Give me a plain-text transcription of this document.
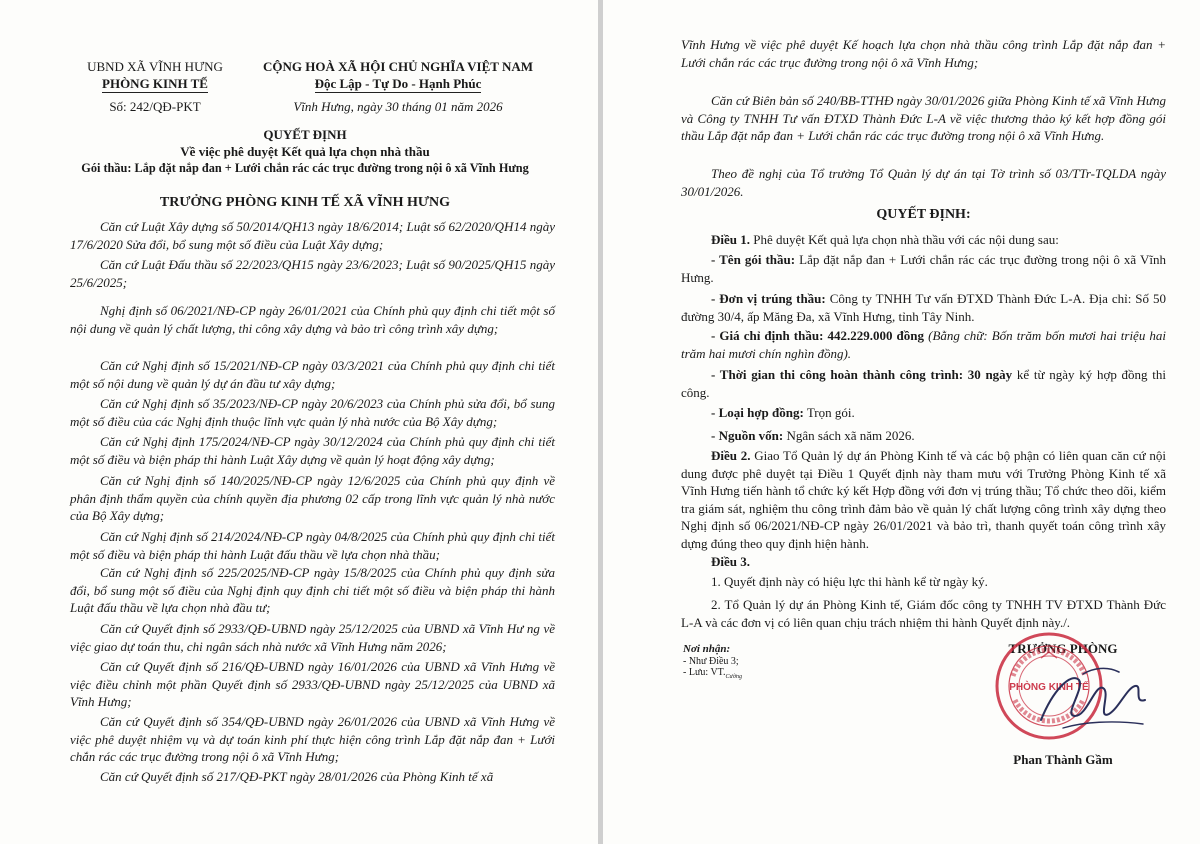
UBND XÃ VĨNH HƯNG
PHÒNG KINH TẾ
Số: 242/QĐ-PKT
CỘNG HOÀ XÃ HỘI CHỦ NGHĨA VIỆT NAM
Độc Lập - Tự Do - Hạnh Phúc
Vĩnh Hưng, ngày 30 tháng 01 năm 2026
QUYẾT ĐỊNH
Về việc phê duyệt Kết quả lựa chọn nhà thầu
Gói thầu: Lắp đặt nắp đan + Lưới chắn rác các trục đường trong nội ô xã Vĩnh Hưng
TRƯỞNG PHÒNG KINH TẾ XÃ VĨNH HƯNG
Căn cứ Luật Xây dựng số 50/2014/QH13 ngày 18/6/2014; Luật số 62/2020/QH14 ngày 17/6/2020 Sửa đổi, bổ sung một số điều của Luật Xây dựng;
Căn cứ Luật Đấu thầu số 22/2023/QH15 ngày 23/6/2023; Luật số 90/2025/QH15 ngày 25/6/2025;
Nghị định số 06/2021/NĐ-CP ngày 26/01/2021 của Chính phủ quy định chi tiết một số nội dung về quản lý chất lượng, thi công xây dựng và bảo trì công trình xây dựng;
Căn cứ Nghị định số 15/2021/NĐ-CP ngày 03/3/2021 của Chính phủ quy định chi tiết một số nội dung về quản lý dự án đầu tư xây dựng;
Căn cứ Nghị định số 35/2023/NĐ-CP ngày 20/6/2023 của Chính phủ sửa đổi, bổ sung một số điều của các Nghị định thuộc lĩnh vực quản lý nhà nước của Bộ Xây dựng;
Căn cứ Nghị định 175/2024/NĐ-CP ngày 30/12/2024 của Chính phủ quy định chi tiết một số điều và biện pháp thi hành Luật Xây dựng về quản lý hoạt động xây dựng;
Căn cứ Nghị định số 140/2025/NĐ-CP ngày 12/6/2025 của Chính phủ quy định về phân định thẩm quyền của chính quyền địa phương 02 cấp trong lĩnh vực quản lý nhà nước của Bộ Xây dựng;
Căn cứ Nghị định số 214/2024/NĐ-CP ngày 04/8/2025 của Chính phủ quy định chi tiết một số điều và biện pháp thi hành Luật đấu thầu về lựa chọn nhà thầu;
Căn cứ Nghị định số 225/2025/NĐ-CP ngày 15/8/2025 của Chính phủ quy định sửa đổi, bổ sung một số điều của Nghị định quy định chi tiết một số điều và biện pháp thi hành Luật đấu thầu về lựa chọn nhà đầu tư;
Căn cứ Quyết định số 2933/QĐ-UBND ngày 25/12/2025 của UBND xã Vĩnh Hư ng về việc giao dự toán thu, chi ngân sách nhà nước xã Vĩnh Hưng năm 2026;
Căn cứ Quyết định số 216/QĐ-UBND ngày 16/01/2026 của UBND xã Vĩnh Hưng về việc điều chỉnh một phần Quyết định số 2933/QĐ-UBND ngày 25/12/2025 của UBND xã Vĩnh Hưng;
Căn cứ Quyết định số 354/QĐ-UBND ngày 26/01/2026 của UBND xã Vĩnh Hưng về việc phê duyệt nhiệm vụ và dự toán kinh phí thực hiện công trình Lắp đặt nắp đan + Lưới chắn rác các trục đường trong nội ô xã Vĩnh Hưng;
Căn cứ Quyết định số 217/QĐ-PKT ngày 28/01/2026 của Phòng Kinh tế xã
Vĩnh Hưng về việc phê duyệt Kế hoạch lựa chọn nhà thầu công trình Lắp đặt nắp đan + Lưới chắn rác các trục đường trong nội ô xã Vĩnh Hưng;
Căn cứ Biên bản số 240/BB-TTHĐ ngày 30/01/2026 giữa Phòng Kinh tế xã Vĩnh Hưng và Công ty TNHH Tư vấn ĐTXD Thành Đức L-A về việc thương thảo ký kết hợp đồng gói thầu Lắp đặt nắp đan + Lưới chắn rác các trục đường trong nội ô xã Vĩnh Hưng.
Theo đề nghị của Tổ trưởng Tổ Quản lý dự án tại Tờ trình số 03/TTr-TQLDA ngày 30/01/2026.
QUYẾT ĐỊNH:
Điều 1. Phê duyệt Kết quả lựa chọn nhà thầu với các nội dung sau:
- Tên gói thầu: Lắp đặt nắp đan + Lưới chắn rác các trục đường trong nội ô xã Vĩnh Hưng.
- Đơn vị trúng thầu: Công ty TNHH Tư vấn ĐTXD Thành Đức L-A. Địa chỉ: Số 50 đường 30/4, ấp Măng Đa, xã Vĩnh Hưng, tỉnh Tây Ninh.
- Giá chỉ định thầu: 442.229.000 đồng (Bằng chữ: Bốn trăm bốn mươi hai triệu hai trăm hai mươi chín nghìn đồng).
- Thời gian thi công hoàn thành công trình: 30 ngày kể từ ngày ký hợp đồng thi công.
- Loại hợp đồng: Trọn gói.
- Nguồn vốn: Ngân sách xã năm 2026.
Điều 2. Giao Tổ Quản lý dự án Phòng Kinh tế và các bộ phận có liên quan căn cứ nội dung được phê duyệt tại Điều 1 Quyết định này tham mưu với Trưởng Phòng Kinh tế xã Vĩnh Hưng tiến hành tổ chức ký kết Hợp đồng với đơn vị trúng thầu; Tổ chức theo dõi, kiểm tra giám sát, nghiệm thu công trình đảm bảo về quản lý chất lượng công trình xây dựng theo Nghị định số 06/2021/NĐ-CP ngày 26/01/2021 và bảo trì, thanh quyết toán công trình xây dựng đúng theo quy định hiện hành.
Điều 3.
1. Quyết định này có hiệu lực thi hành kể từ ngày ký.
2. Tổ Quản lý dự án Phòng Kinh tế, Giám đốc công ty TNHH TV ĐTXD Thành Đức L-A và các đơn vị có liên quan chịu trách nhiệm thi hành Quyết định này./.
Nơi nhận:
- Như Điều 3;
- Lưu: $VT._{Cường}$
TRƯỞNG PHÒNG
PHÒNG KINH TẾ
Phan Thành Gầm
